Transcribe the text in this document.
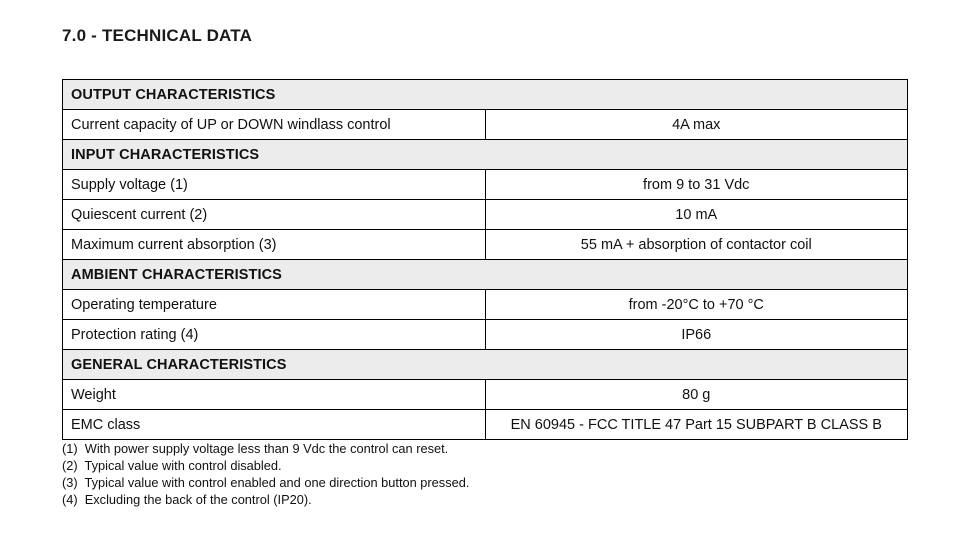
7.0 - TECHNICAL DATA
OUTPUT CHARACTERISTICS	
Current capacity of UP or DOWN windlass control	4A max
INPUT CHARACTERISTICS	
Supply voltage (1)	from 9 to 31 Vdc
Quiescent current (2)	10 mA
Maximum current absorption (3)	55 mA + absorption of contactor coil
AMBIENT CHARACTERISTICS	
Operating temperature	from -20°C to +70 °C
Protection rating (4)	IP66
GENERAL CHARACTERISTICS	
Weight	80 g
EMC class	EN 60945 - FCC TITLE 47 Part 15 SUBPART B CLASS B
(1)  With power supply voltage less than 9 Vdc the control can reset.
(2)  Typical value with control disabled.
(3)  Typical value with control enabled and one direction button pressed.
(4)  Excluding the back of the control (IP20).
